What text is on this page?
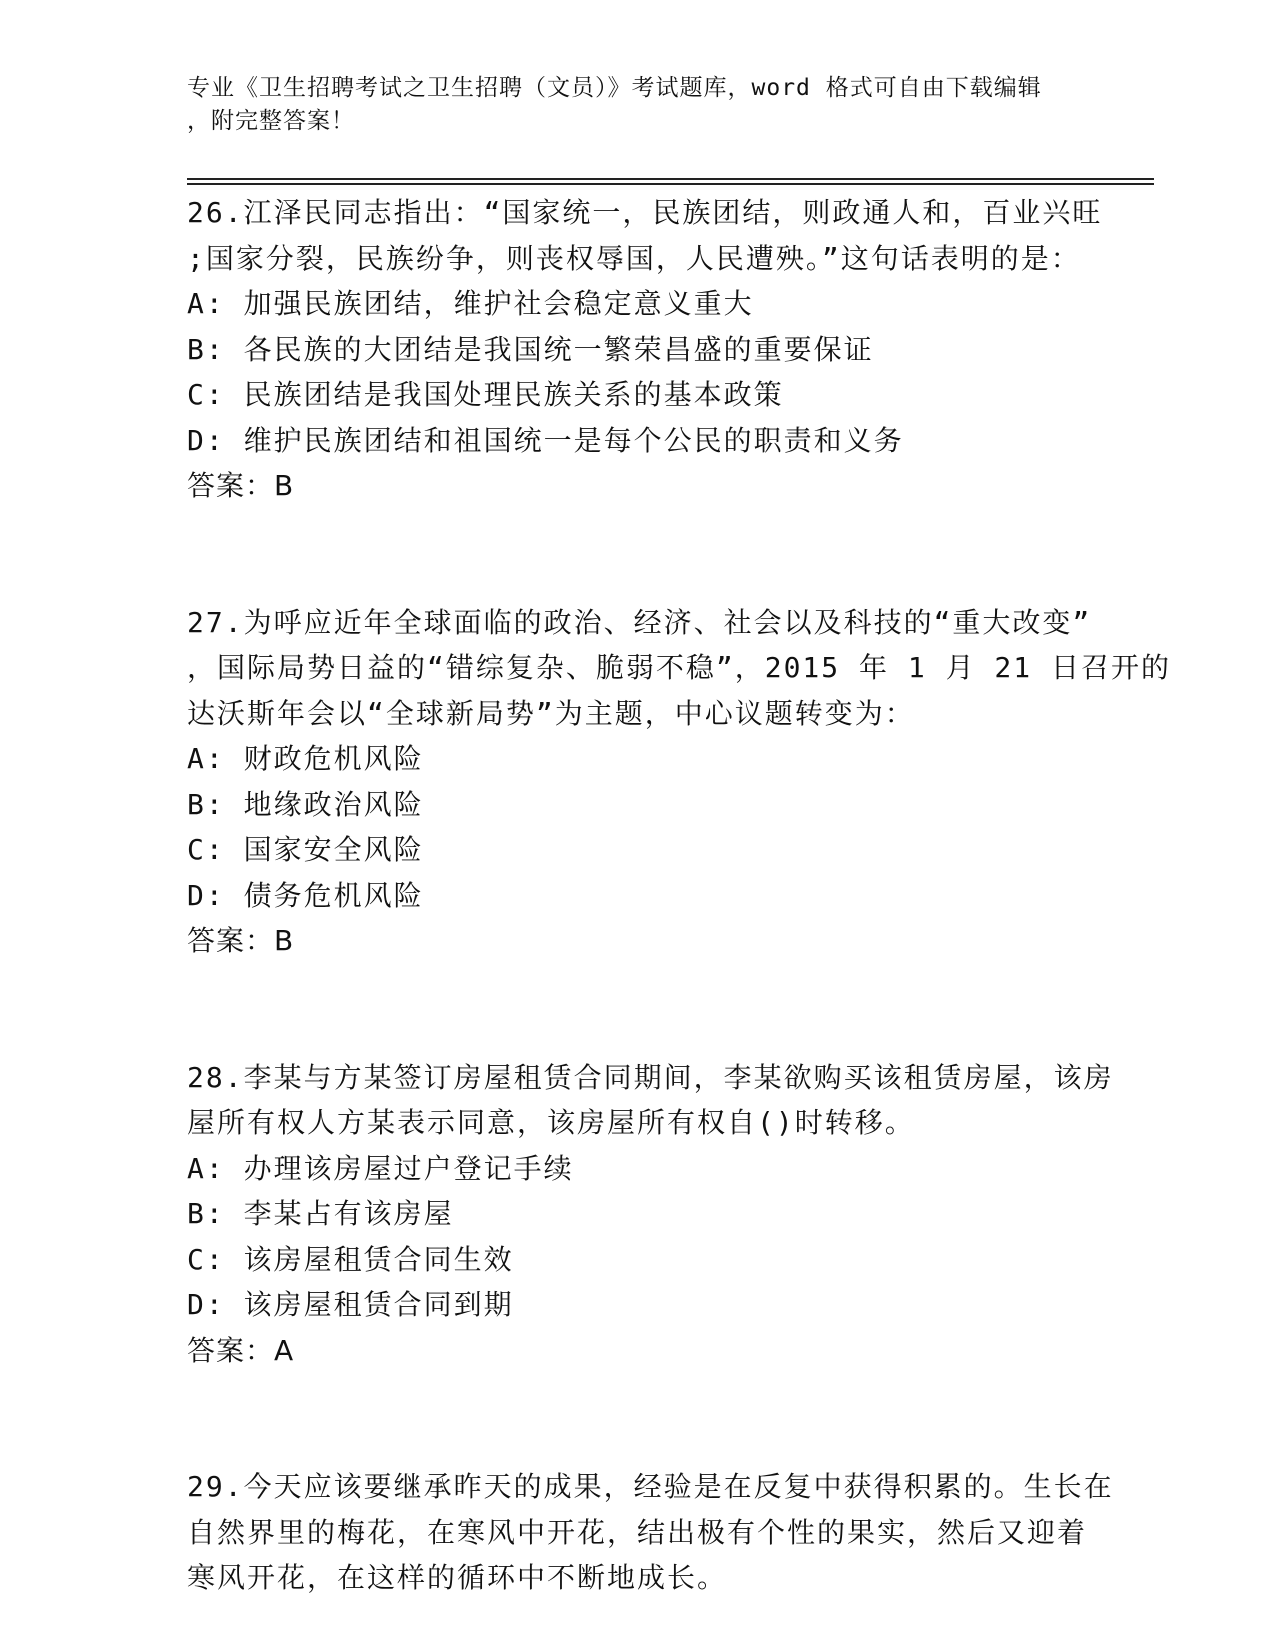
专业《卫生招聘考试之卫生招聘（文员）》考试题库，word 格式可自由下载编辑
，附完整答案！
26.江泽民同志指出：“国家统一，民族团结，则政通人和，百业兴旺
;国家分裂，民族纷争，则丧权辱国，人民遭殃。”这句话表明的是：
A: 加强民族团结，维护社会稳定意义重大
B: 各民族的大团结是我国统一繁荣昌盛的重要保证
C: 民族团结是我国处理民族关系的基本政策
D: 维护民族团结和祖国统一是每个公民的职责和义务
答案：B
27.为呼应近年全球面临的政治、经济、社会以及科技的“重大改变”
，国际局势日益的“错综复杂、脆弱不稳”，2015 年 1 月 21 日召开的
达沃斯年会以“全球新局势”为主题，中心议题转变为：
A: 财政危机风险
B: 地缘政治风险
C: 国家安全风险
D: 债务危机风险
答案：B
28.李某与方某签订房屋租赁合同期间，李某欲购买该租赁房屋，该房
屋所有权人方某表示同意，该房屋所有权自()时转移。
A: 办理该房屋过户登记手续
B: 李某占有该房屋
C: 该房屋租赁合同生效
D: 该房屋租赁合同到期
答案：A
29.今天应该要继承昨天的成果，经验是在反复中获得积累的。生长在
自然界里的梅花，在寒风中开花，结出极有个性的果实，然后又迎着
寒风开花，在这样的循环中不断地成长。
